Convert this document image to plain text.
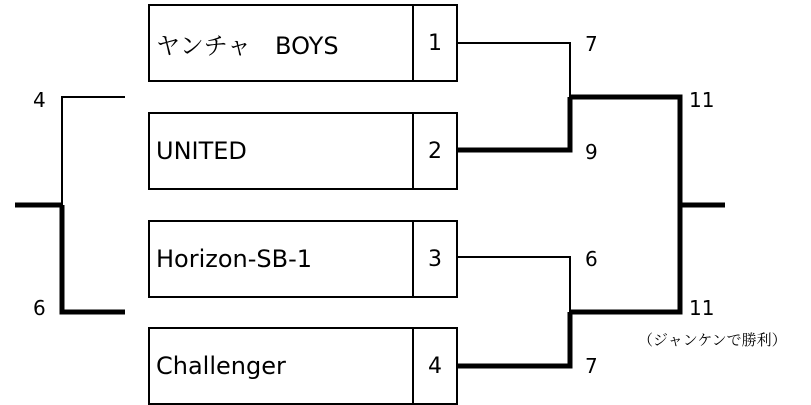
ヤンチャ　BOYS	1
UNITED	2
Horizon-SB-1	3
Challenger	4
4
6
7
9
6
7
11
11
（ジャンケンで勝利）
